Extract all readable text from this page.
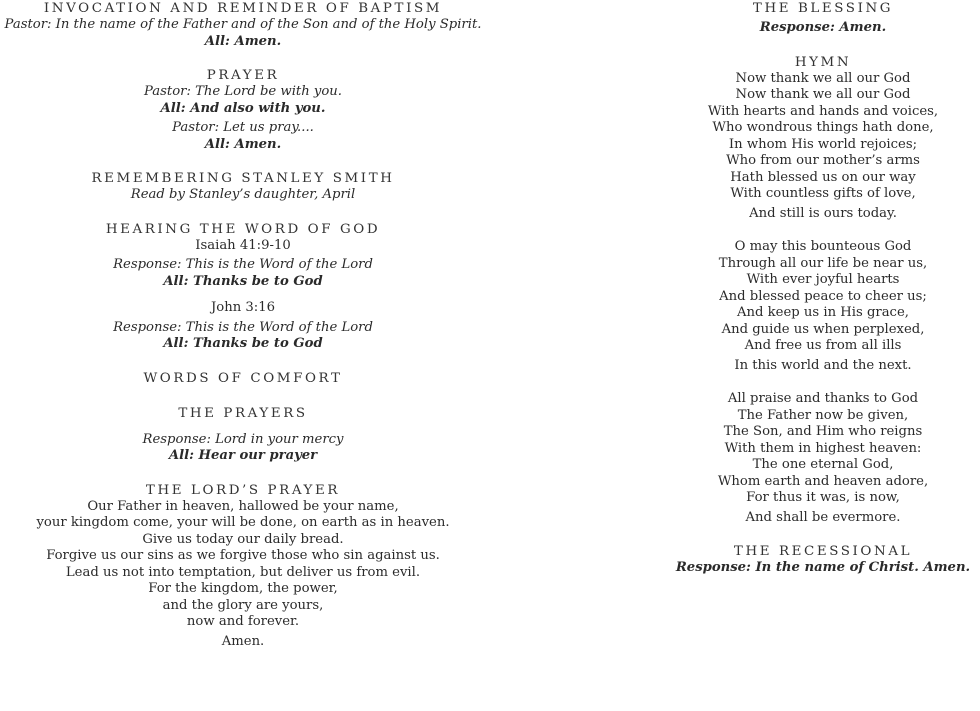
INVOCATION AND REMINDER OF BAPTISM
Pastor: In the name of the Father and of the Son and of the Holy Spirit.
All: Amen.
PRAYER
Pastor: The Lord be with you.
All: And also with you.
Pastor: Let us pray....
All: Amen.
REMEMBERING STANLEY SMITH
Read by Stanley’s daughter, April
HEARING THE WORD OF GOD
Isaiah 41:9-10
Response: This is the Word of the Lord
All: Thanks be to God
John 3:16
Response: This is the Word of the Lord
All: Thanks be to God
WORDS OF COMFORT
THE PRAYERS
Response: Lord in your mercy
All: Hear our prayer
THE LORD’S PRAYER
Our Father in heaven, hallowed be your name,
your kingdom come, your will be done, on earth as in heaven.
Give us today our daily bread.
Forgive us our sins as we forgive those who sin against us.
Lead us not into temptation, but deliver us from evil.
For the kingdom, the power,
and the glory are yours,
now and forever.
Amen.
THE BLESSING
Response: Amen.
HYMN
Now thank we all our God
Now thank we all our God
With hearts and hands and voices,
Who wondrous things hath done,
In whom His world rejoices;
Who from our mother’s arms
Hath blessed us on our way
With countless gifts of love,
And still is ours today.
O may this bounteous God
Through all our life be near us,
With ever joyful hearts
And blessed peace to cheer us;
And keep us in His grace,
And guide us when perplexed,
And free us from all ills
In this world and the next.
All praise and thanks to God
The Father now be given,
The Son, and Him who reigns
With them in highest heaven:
The one eternal God,
Whom earth and heaven adore,
For thus it was, is now,
And shall be evermore.
THE RECESSIONAL
Response: In the name of Christ. Amen.
